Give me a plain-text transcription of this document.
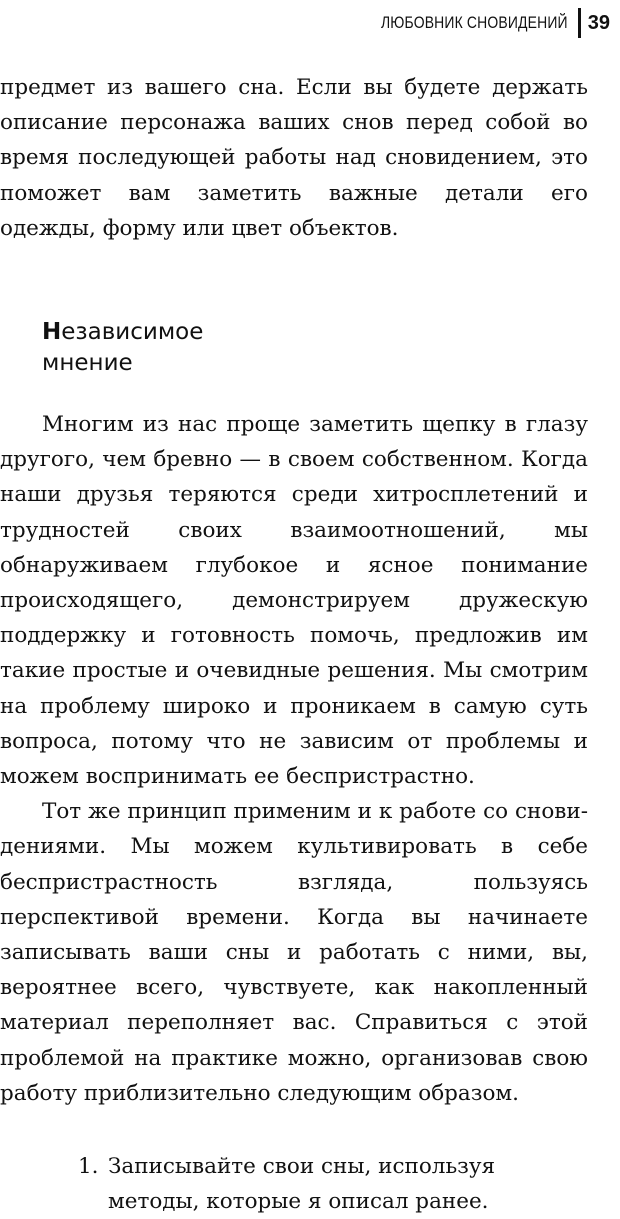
ЛЮБОВНИК СНОВИДЕНИЙ 39

предмет из вашего сна. Если вы будете держать описание персонажа ваших снов перед собой во время последующей работы над сновидением, это поможет вам заметить важные детали его одежды, форму или цвет объектов.

Независимое
мнение

Многим из нас проще заметить щепку в глазу другого, чем бревно — в своем собственном. Когда наши друзья теряются среди хитросплетений и трудностей своих взаимоотношений, мы обнаруживаем глубокое и ясное понимание происходящего, демонстрируем дружескую поддержку и готовность помочь, предложив им такие простые и очевидные решения. Мы смотрим на проблему широко и проникаем в самую суть вопроса, потому что не зависим от проблемы и можем воспринимать ее беспристрастно.

Тот же принцип применим и к работе со сновидениями. Мы можем культивировать в себе беспристрастность взгляда, пользуясь перспективой времени. Когда вы начинаете записывать ваши сны и работать с ними, вы, вероятнее всего, чувствуете, как накопленный материал переполняет вас. Справиться с этой проблемой на практике можно, организовав свою работу приблизительно следующим образом.

1. Записывайте свои сны, используя методы, которые я описал ранее.
